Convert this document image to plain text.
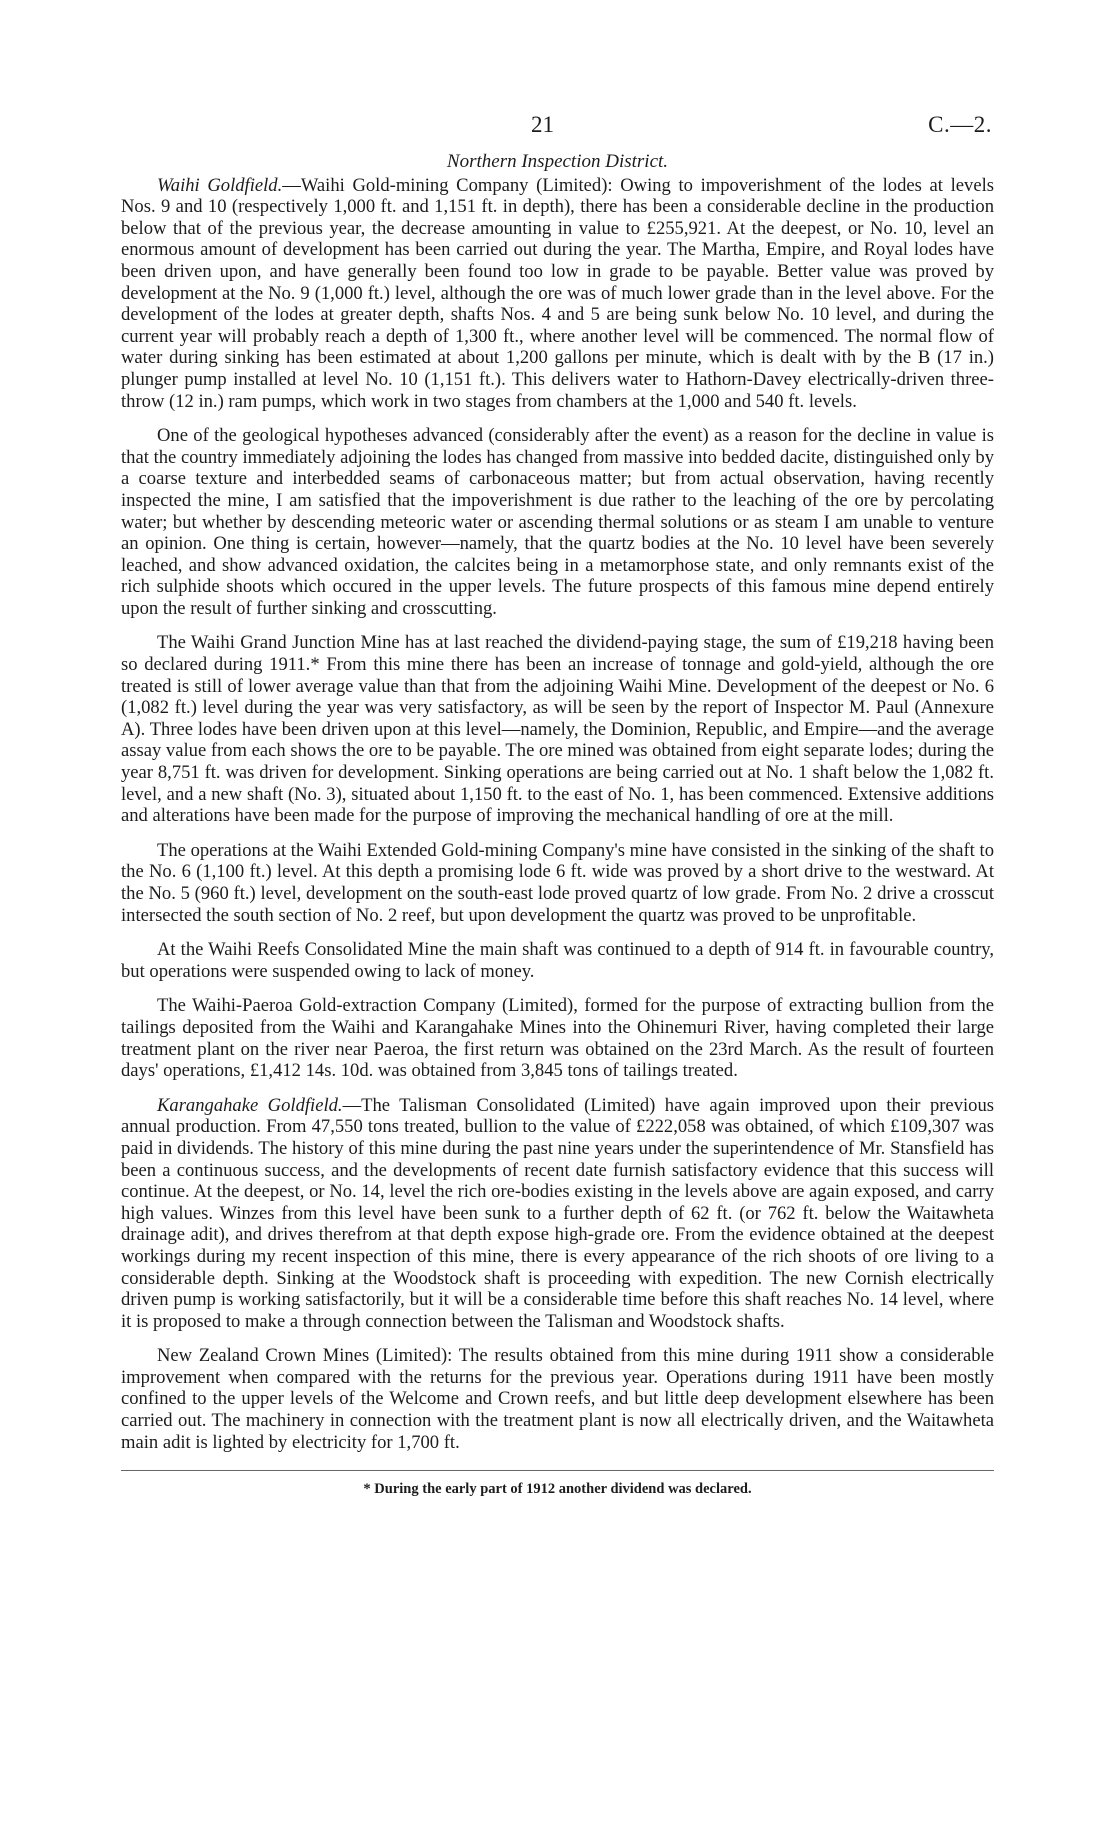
21	C.—2.
Northern Inspection District.

Waihi Goldfield.—Waihi Gold-mining Company (Limited): Owing to impoverishment of the lodes at levels Nos. 9 and 10 (respectively 1,000 ft. and 1,151 ft. in depth), there has been a considerable decline in the production below that of the previous year, the decrease amounting in value to £255,921. At the deepest, or No. 10, level an enormous amount of development has been carried out during the year. The Martha, Empire, and Royal lodes have been driven upon, and have generally been found too low in grade to be payable. Better value was proved by development at the No. 9 (1,000 ft.) level, although the ore was of much lower grade than in the level above. For the development of the lodes at greater depth, shafts Nos. 4 and 5 are being sunk below No. 10 level, and during the current year will probably reach a depth of 1,300 ft., where another level will be commenced. The normal flow of water during sinking has been estimated at about 1,200 gallons per minute, which is dealt with by the B (17 in.) plunger pump installed at level No. 10 (1,151 ft.). This delivers water to Hathorn-Davey electrically-driven three-throw (12 in.) ram pumps, which work in two stages from chambers at the 1,000 and 540 ft. levels.

One of the geological hypotheses advanced (considerably after the event) as a reason for the decline in value is that the country immediately adjoining the lodes has changed from massive into bedded dacite, distinguished only by a coarse texture and interbedded seams of carbonaceous matter; but from actual observation, having recently inspected the mine, I am satisfied that the impoverishment is due rather to the leaching of the ore by percolating water; but whether by descending meteoric water or ascending thermal solutions or as steam I am unable to venture an opinion. One thing is certain, however—namely, that the quartz bodies at the No. 10 level have been severely leached, and show advanced oxidation, the calcites being in a metamorphose state, and only remnants exist of the rich sulphide shoots which occured in the upper levels. The future prospects of this famous mine depend entirely upon the result of further sinking and crosscutting.

The Waihi Grand Junction Mine has at last reached the dividend-paying stage, the sum of £19,218 having been so declared during 1911.* From this mine there has been an increase of tonnage and gold-yield, although the ore treated is still of lower average value than that from the adjoining Waihi Mine. Development of the deepest or No. 6 (1,082 ft.) level during the year was very satisfactory, as will be seen by the report of Inspector M. Paul (Annexure A). Three lodes have been driven upon at this level—namely, the Dominion, Republic, and Empire—and the average assay value from each shows the ore to be payable. The ore mined was obtained from eight separate lodes; during the year 8,751 ft. was driven for development. Sinking operations are being carried out at No. 1 shaft below the 1,082 ft. level, and a new shaft (No. 3), situated about 1,150 ft. to the east of No. 1, has been commenced. Extensive additions and alterations have been made for the purpose of improving the mechanical handling of ore at the mill.

The operations at the Waihi Extended Gold-mining Company's mine have consisted in the sinking of the shaft to the No. 6 (1,100 ft.) level. At this depth a promising lode 6 ft. wide was proved by a short drive to the westward. At the No. 5 (960 ft.) level, development on the south-east lode proved quartz of low grade. From No. 2 drive a crosscut intersected the south section of No. 2 reef, but upon development the quartz was proved to be unprofitable.

At the Waihi Reefs Consolidated Mine the main shaft was continued to a depth of 914 ft. in favourable country, but operations were suspended owing to lack of money.

The Waihi-Paeroa Gold-extraction Company (Limited), formed for the purpose of extracting bullion from the tailings deposited from the Waihi and Karangahake Mines into the Ohinemuri River, having completed their large treatment plant on the river near Paeroa, the first return was obtained on the 23rd March. As the result of fourteen days' operations, £1,412 14s. 10d. was obtained from 3,845 tons of tailings treated.

Karangahake Goldfield.—The Talisman Consolidated (Limited) have again improved upon their previous annual production. From 47,550 tons treated, bullion to the value of £222,058 was obtained, of which £109,307 was paid in dividends. The history of this mine during the past nine years under the superintendence of Mr. Stansfield has been a continuous success, and the developments of recent date furnish satisfactory evidence that this success will continue. At the deepest, or No. 14, level the rich ore-bodies existing in the levels above are again exposed, and carry high values. Winzes from this level have been sunk to a further depth of 62 ft. (or 762 ft. below the Waitawheta drainage adit), and drives therefrom at that depth expose high-grade ore. From the evidence obtained at the deepest workings during my recent inspection of this mine, there is every appearance of the rich shoots of ore living to a considerable depth. Sinking at the Woodstock shaft is proceeding with expedition. The new Cornish electrically driven pump is working satisfactorily, but it will be a considerable time before this shaft reaches No. 14 level, where it is proposed to make a through connection between the Talisman and Woodstock shafts.

New Zealand Crown Mines (Limited): The results obtained from this mine during 1911 show a considerable improvement when compared with the returns for the previous year. Operations during 1911 have been mostly confined to the upper levels of the Welcome and Crown reefs, and but little deep development elsewhere has been carried out. The machinery in connection with the treatment plant is now all electrically driven, and the Waitawheta main adit is lighted by electricity for 1,700 ft.

* During the early part of 1912 another dividend was declared.
